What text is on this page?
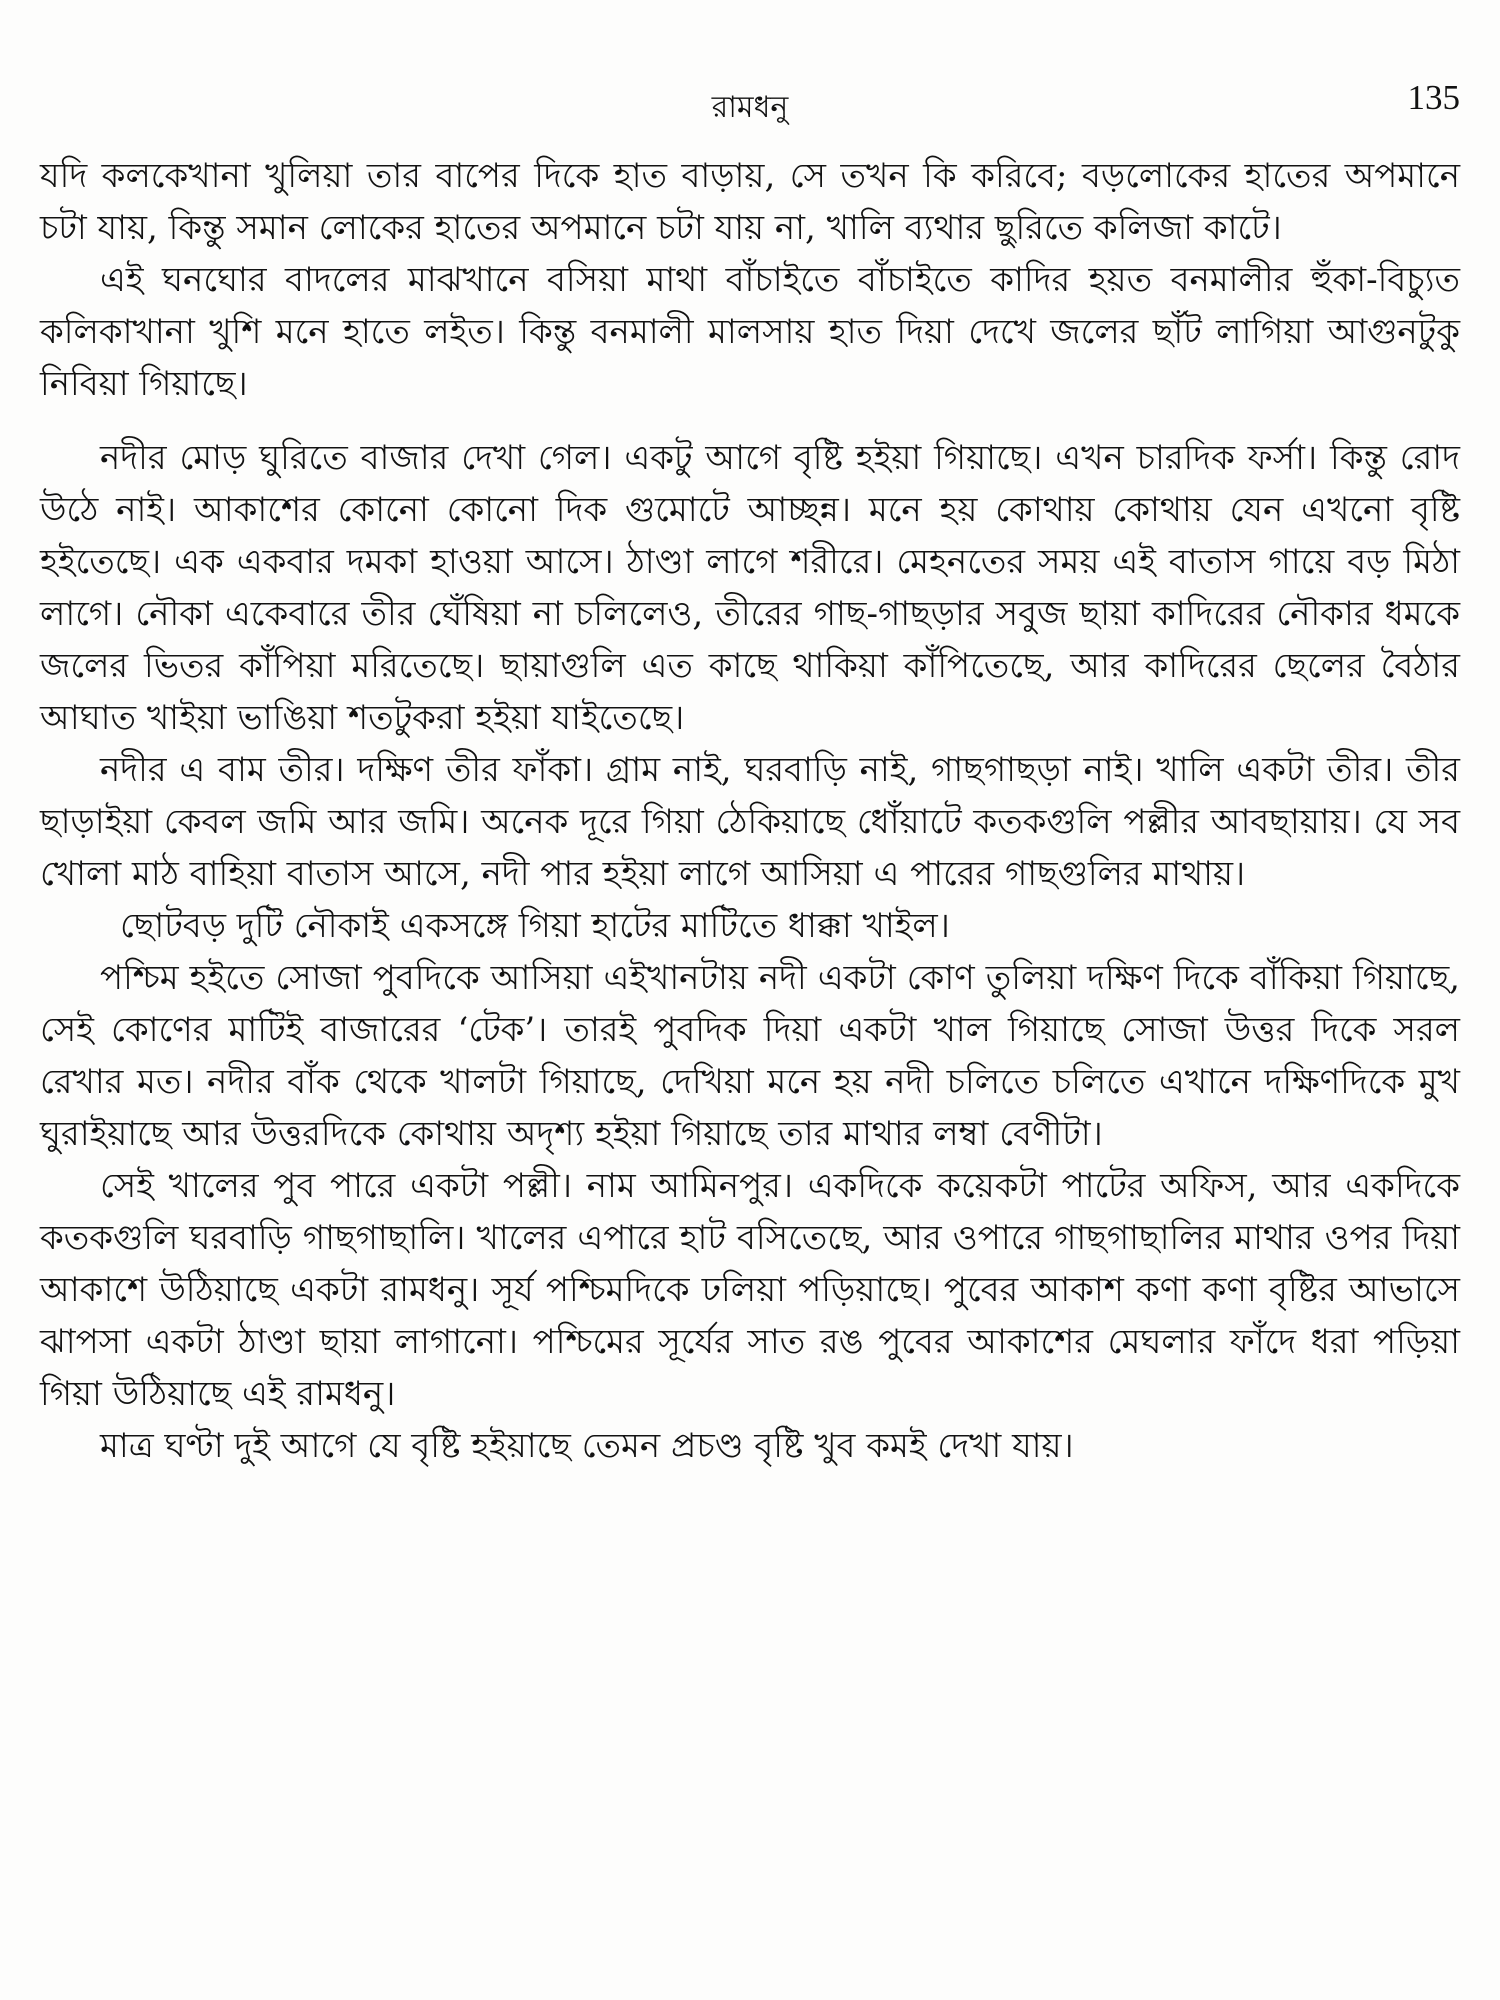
রামধনু	135

যদি কলকেখানা খুলিয়া তার বাপের দিকে হাত বাড়ায়, সে তখন কি করিবে; বড়লোকের হাতের অপমানে চটা যায়, কিন্তু সমান লোকের হাতের অপমানে চটা যায় না, খালি ব্যথার ছুরিতে কলিজা কাটে।

এই ঘনঘোর বাদলের মাঝখানে বসিয়া মাথা বাঁচাইতে বাঁচাইতে কাদির হয়ত বনমালীর হুঁকা-বিচ্যুত কলিকাখানা খুশি মনে হাতে লইত। কিন্তু বনমালী মালসায় হাত দিয়া দেখে জলের ছাঁট লাগিয়া আগুনটুকু নিবিয়া গিয়াছে।

নদীর মোড় ঘুরিতে বাজার দেখা গেল। একটু আগে বৃষ্টি হইয়া গিয়াছে। এখন চারদিক ফর্সা। কিন্তু রোদ উঠে নাই। আকাশের কোনো কোনো দিক গুমোটে আচ্ছন্ন। মনে হয় কোথায় কোথায় যেন এখনো বৃষ্টি হইতেছে। এক একবার দমকা হাওয়া আসে। ঠাণ্ডা লাগে শরীরে। মেহনতের সময় এই বাতাস গায়ে বড় মিঠা লাগে। নৌকা একেবারে তীর ঘেঁষিয়া না চলিলেও, তীরের গাছ-গাছড়ার সবুজ ছায়া কাদিরের নৌকার ধমকে জলের ভিতর কাঁপিয়া মরিতেছে। ছায়াগুলি এত কাছে থাকিয়া কাঁপিতেছে, আর কাদিরের ছেলের বৈঠার আঘাত খাইয়া ভাঙিয়া শতটুকরা হইয়া যাইতেছে।

নদীর এ বাম তীর। দক্ষিণ তীর ফাঁকা। গ্রাম নাই, ঘরবাড়ি নাই, গাছগাছড়া নাই। খালি একটা তীর। তীর ছাড়াইয়া কেবল জমি আর জমি। অনেক দূরে গিয়া ঠেকিয়াছে ধোঁয়াটে কতকগুলি পল্লীর আবছায়ায়। যে সব খোলা মাঠ বাহিয়া বাতাস আসে, নদী পার হইয়া লাগে আসিয়া এ পারের গাছগুলির মাথায়।

ছোটবড় দুটি নৌকাই একসঙ্গে গিয়া হাটের মাটিতে ধাক্কা খাইল।

পশ্চিম হইতে সোজা পুবদিকে আসিয়া এইখানটায় নদী একটা কোণ তুলিয়া দক্ষিণ দিকে বাঁকিয়া গিয়াছে, সেই কোণের মাটিই বাজারের ‘টেক’। তারই পুবদিক দিয়া একটা খাল গিয়াছে সোজা উত্তর দিকে সরল রেখার মত। নদীর বাঁক থেকে খালটা গিয়াছে, দেখিয়া মনে হয় নদী চলিতে চলিতে এখানে দক্ষিণদিকে মুখ ঘুরাইয়াছে আর উত্তরদিকে কোথায় অদৃশ্য হইয়া গিয়াছে তার মাথার লম্বা বেণীটা।

সেই খালের পুব পারে একটা পল্লী। নাম আমিনপুর। একদিকে কয়েকটা পাটের অফিস, আর একদিকে কতকগুলি ঘরবাড়ি গাছগাছালি। খালের এপারে হাট বসিতেছে, আর ওপারে গাছগাছালির মাথার ওপর দিয়া আকাশে উঠিয়াছে একটা রামধনু। সূর্য পশ্চিমদিকে ঢলিয়া পড়িয়াছে। পুবের আকাশ কণা কণা বৃষ্টির আভাসে ঝাপসা একটা ঠাণ্ডা ছায়া লাগানো। পশ্চিমের সূর্যের সাত রঙ পুবের আকাশের মেঘলার ফাঁদে ধরা পড়িয়া গিয়া উঠিয়াছে এই রামধনু।

মাত্র ঘণ্টা দুই আগে যে বৃষ্টি হইয়াছে তেমন প্রচণ্ড বৃষ্টি খুব কমই দেখা যায়।
